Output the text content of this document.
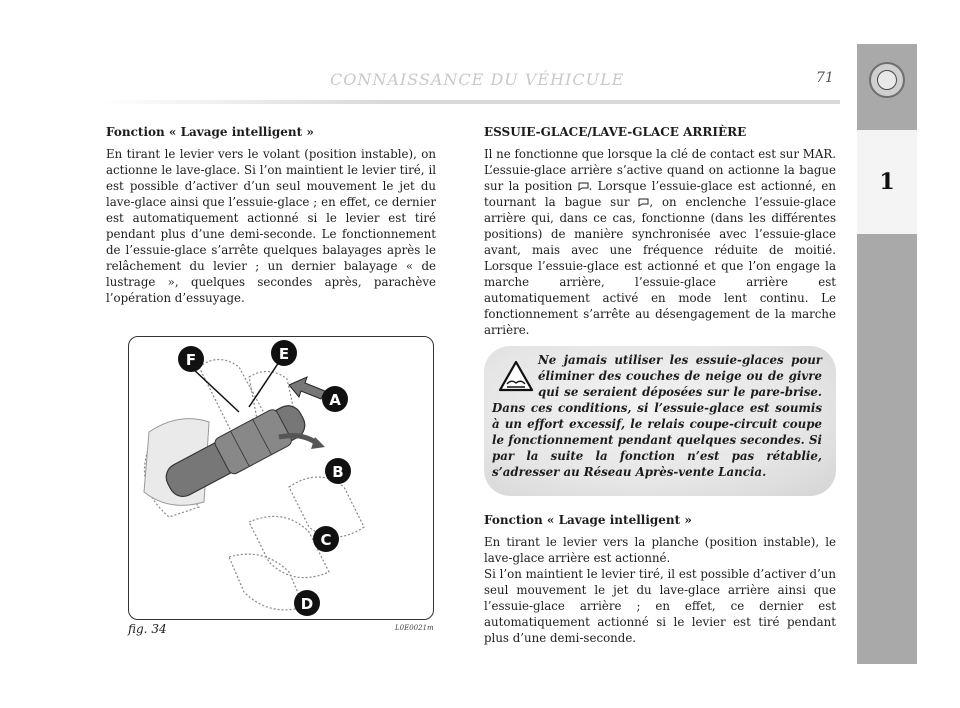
1
CONNAISSANCE DU VÉHICULE	71
Fonction « Lavage intelligent »

En tirant le levier vers le volant (position instable), on actionne le lave-glace. Si l’on maintient le levier tiré, il est possible d’activer d’un seul mouvement le jet du lave-glace ainsi que l’essuie-glace ; en effet, ce dernier est automatiquement actionné si le levier est tiré pendant plus d’une demi-seconde. Le fonctionnement de l’essuie-glace s’arrête quelques balayages après le relâchement du levier ; un dernier balayage « de lustrage », quelques secondes après, parachève l’opération d’essuyage.

F	E
A
B
C
D
fig. 34	L0E0021m
ESSUIE-GLACE/LAVE-GLACE ARRIÈRE

Il ne fonctionne que lorsque la clé de contact est sur MAR. L’essuie-glace arrière s’active quand on actionne la bague sur la position . Lorsque l’essuie-glace est actionné, en tournant la bague sur , on enclenche l’essuie-glace arrière qui, dans ce cas, fonctionne (dans les différentes positions) de manière synchronisée avec l’essuie-glace avant, mais avec une fréquence réduite de moitié. Lorsque l’essuie-glace est actionné et que l’on engage la marche arrière, l’essuie-glace arrière est automatiquement activé en mode lent continu. Le fonctionnement s’arrête au désengagement de la marche arrière.

Ne jamais utiliser les essuie-glaces pour éliminer des couches de neige ou de givre qui se seraient déposées sur le pare-brise. Dans ces conditions, si l’essuie-glace est soumis à un effort excessif, le relais coupe-circuit coupe le fonctionnement pendant quelques secondes. Si par la suite la fonction n’est pas rétablie, s’adresser au Réseau Après-vente Lancia.
Fonction « Lavage intelligent »

En tirant le levier vers la planche (position instable), le lave-glace arrière est actionné.

Si l’on maintient le levier tiré, il est possible d’activer d’un seul mouvement le jet du lave-glace arrière ainsi que l’essuie-glace arrière ; en effet, ce dernier est automatiquement actionné si le levier est tiré pendant plus d’une demi-seconde.
